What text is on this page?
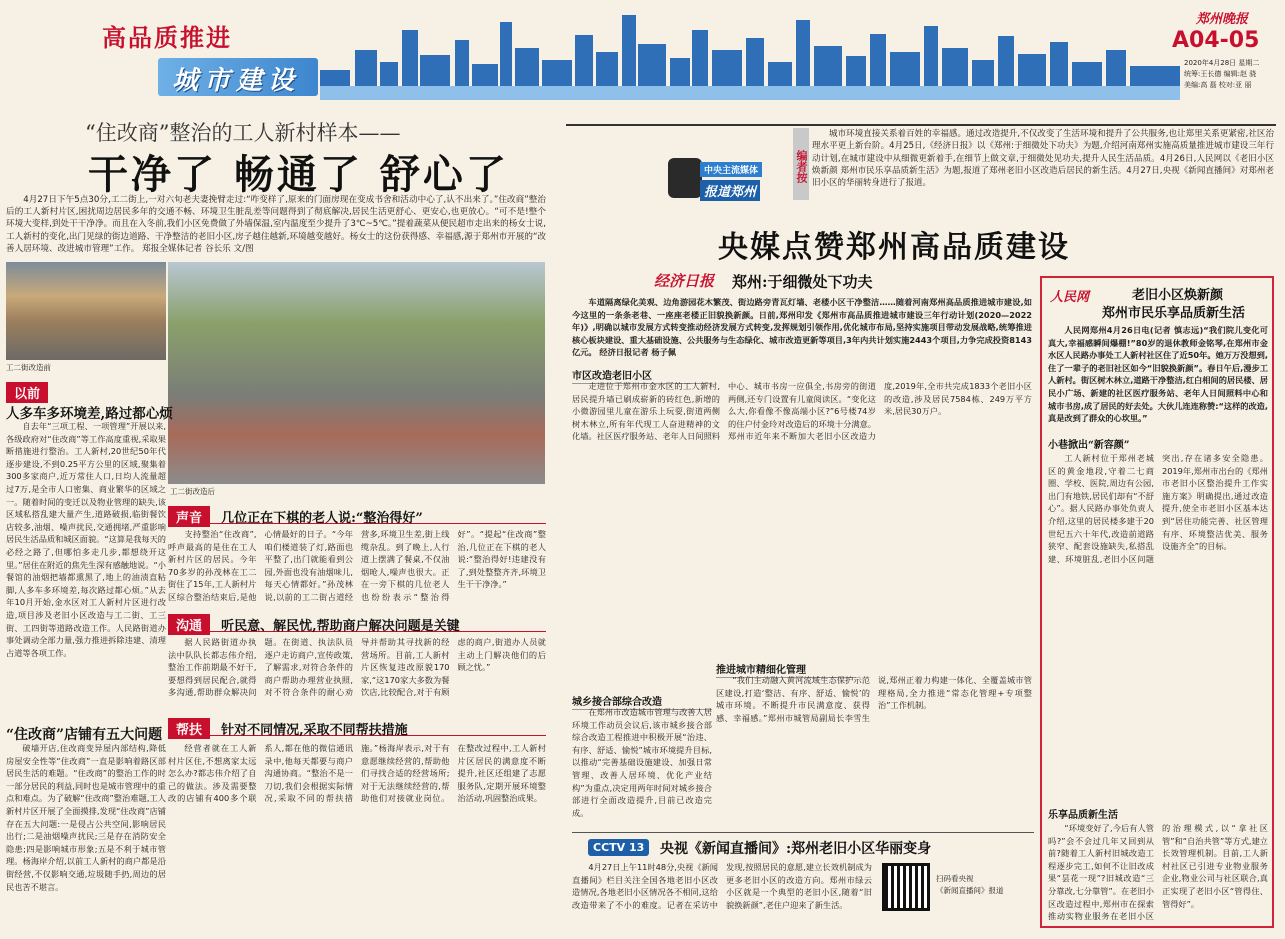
高品质推进
城市建设
郑州晚报
A04-05
2020年4月28日 星期二
统筹:王长德 编辑:赵 骁
美编:高 磊 校对:亚 丽
“住改商”整治的工人新村样本——
干净了 畅通了 舒心了
4月27日下午5点30分,工二街上,一对六旬老夫妻挽臂走过:“咋变样了,原来的门面房现在变成书舍和活动中心了,认不出来了。”住改商”整治后的工人新村片区,困扰周边居民多年的交通不畅、环境卫生脏乱差等问题得到了彻底解决,居民生活更舒心、更安心,也更放心。“可不是!整个环境大变样,到处干干净净。而且在入冬前,我们小区免费做了外墙保温,室内温度至少提升了3℃~5℃。”提着蔬菜从便民超市走出来的杨女士说,工人新村的变化,出门见绿的街边道路、干净整洁的老旧小区,房子越住越新,环境越变越好。杨女士的这份获得感、幸福感,源于郑州市开展的“改善人居环境、改进城市管理”工作。 郑报全媒体记者 谷长乐 文/图
工二街改造前
工二街改造后
以前
人多车多环境差,路过都心烦
自去年“三项工程、一项管理”开展以来,各级政府对“住改商”等工作高度重视,采取果断措施进行整治。工人新村,20世纪50年代逐步建设,不到0.25平方公里的区域,聚集着300多家商户,近万常住人口,日均人流量超过7万,是全市人口密集、商业繁华的区域之一。随着时间的变迁以及物业管理的缺失,该区域私搭乱建大量产生,道路破损,临街餐饮店较多,油烟、噪声扰民,交通拥堵,严重影响居民生活品质和城区面貌。“这算是我每天的必经之路了,但哪怕多走几步,都想绕开这里。”居住在附近的焦先生深有感触地说。“小餐馆的油烟把墙都熏黑了,地上的油渍直粘脚,人多车多环境差,每次路过都心烦。”从去年10月开始,金水区对工人新村片区进行改造,项目涉及老旧小区改造与工二街、工三街、工四街等道路改造工作。人民路街道办事处调动全部力量,强力推进拆除违建、清理占道等各项工作。
“住改商”店铺有五大问题
破墙开店,住改商变异屋内部结构,降低房屋安全性等“住改商”一直是影响着路区部居民生活的难题。“住改商”的整治工作的时一部分居民的利益,同时也是城市管理中的重点和难点。为了破解“住改商”整治难题,工人新村片区开展了全面摸排,发现“住改商”店铺存在五大问题:一是侵占公共空间,影响居民出行;二是油烟噪声扰民;三是存在消防安全隐患;四是影响城市形象;五是不利于城市管理。杨海岸介绍,以前工人新村的商户都是沿街经营,不仅影响交通,垃圾随手扔,周边的居民也苦不堪言。
声音 几位正在下棋的老人说:“整治得好”
支持整治“住改商”,呼声最高的是住在工人新村片区的居民。今年70多岁的孙茂林在工二街住了15年,工人新村片区综合整治结束后,是他心情最好的日子。“今年咱们楼道装了灯,路面也平整了,出门就能看到公园,外面也没有油烟味儿,每天心情都好。”孙茂林说,以前的工二街占道经营多,环境卫生差,街上线缆杂乱。到了晚上,人行道上摆满了餐桌,不仅油烟呛人,噪声也很大。正在一旁下棋的几位老人也纷纷表示“整治得好”。“提起“住改商”整治,几位正在下棋的老人说:“整治得好!违建没有了,到处整整齐齐,环境卫生干干净净。”
沟通 听民意、解民忧,帮助商户解决问题是关键
据人民路街道办执法中队队长都志伟介绍,整治工作前期最不好干,要想得到居民配合,就得多沟通,帮助群众解决问题。在街道、执法队员逐户走访商户,宣传政策,了解需求,对符合条件的商户帮助办理营业执照,对不符合条件的耐心劝导并帮助其寻找新的经营场所。目前,工人新村片区恢复违改原貌170家,“这170家大多数为餐饮店,比较配合,对于有顾虑的商户,街道办人员就主动上门解决他们的后顾之忧。”
帮扶 针对不同情况,采取不同帮扶措施
经营者就在工人新村片区住,不想离家太远怎么办?都志伟介绍了自己的做法。涉及需要整改的店铺有400多个联系人,都在他的微信通讯录中,他每天都要与商户沟通协商。“整治不是一刀切,我们会根据实际情况,采取不同的帮扶措施。”杨海岸表示,对于有意愿继续经营的,帮助他们寻找合适的经营场所;对于无法继续经营的,帮助他们对接就业岗位。在整改过程中,工人新村片区居民的满意度不断提升,社区还组建了志愿服务队,定期开展环境整治活动,巩固整治成果。
中央主流媒体
报道郑州
编者按
城市环境直接关系着百姓的幸福感。通过改造提升,不仅改变了生活环境和提升了公共服务,也让郑里关系更紧密,社区治理水平更上新台阶。4月25日,《经济日报》以《郑州:于细微处下功夫》为题,介绍河南郑州实施高质量推进城市建设三年行动计划,在城市建设中从细微更新着手,在细节上做文章,于细微处见功夫,提升人民生活品质。4月26日,人民网以《老旧小区焕新颜 郑州市民乐享品质新生活》为题,报道了郑州老旧小区改造后居民的新生活。4月27日,央视《新闻直播间》对郑州老旧小区的华丽转身进行了报道。
央媒点赞郑州高品质建设
经济日报 郑州:于细微处下功夫
车道隔离绿化美观、边角游园花木繁茂、街边路旁青瓦灯墙、老楼小区干净整洁……随着河南郑州高品质推进城市建设,如今这里的一条条老巷、一座座老楼正旧貌换新颜。日前,郑州印发《郑州市高品质推进城市建设三年行动计划(2020—2022年)》,明确以城市发展方式转变推动经济发展方式转变,发挥规划引领作用,优化城市布局,坚持实施项目带动发展战略,统筹推进核心板块建设、重大基础设施、公共服务与生态绿化、城市改造更新等项目,3年内共计划实施2443个项目,力争完成投资8143亿元。 经济日报记者 杨子佩
市区改造老旧小区
走进位于郑州市金水区的工人新村,居民提升墙已刷成崭新的砖红色,新增的小微游园里儿童在游乐上玩耍,街道两侧树木林立,所有年代现工人奋进精神的文化墙。社区医疗服务站、老年人日间照料中心、城市书房一应俱全,书房旁的街道两侧,还专门设置有儿童阅读区。“变化这么大,你看像不像高端小区?”6号楼74岁的住户付金玲对改造后的环境十分满意。郑州市近年来不断加大老旧小区改造力度,2019年,全市共完成1833个老旧小区的改造,涉及居民7584栋、249万平方米,居民30万户。
城乡接合部综合改造
在郑州市改造城市管理与改善人居环境工作动员会议后,该市城乡接合部综合改造工程推进中积极开展“治违、有序、舒适、愉悦”城市环境提升目标,以推动“完善基础设施建设、加强日常管理、改善人居环境、优化产业结构”为重点,决定用两年时间对城乡接合部进行全面改造提升,目前已改造完成。
推进城市精细化管理
“我们主动融入黄河流域生态保护示范区建设,打造‘整洁、有序、舒适、愉悦’的城市环境。不断提升市民满意度、获得感、幸福感。”郑州市城管局副局长李雪生说,郑州正着力构建一体化、全覆盖城市管理格局,全力推进“常态化管理+专项整治”工作机制。
人民网	老旧小区焕新颜
郑州市民乐享品质新生活
人民网郑州4月26日电(记者 慎志远)“我们院儿变化可真大,幸福感瞬间爆棚!”80岁的退休教师金铭琴,在郑州市金水区人民路办事处工人新村社区住了近50年。她万万没想到,住了一辈子的老旧社区如今“旧貌换新颜”。春日午后,漫步工人新村。街区树木林立,道路干净整洁,红白相间的居民楼、居民小广场、新建的社区医疗服务站、老年人日间照料中心和城市书房,成了居民的好去处。大伙儿连连称赞:“这样的改造,真是改到了群众的心坎里。”
小巷掀出“新容颜”
工人新村位于郑州老城区的黄金地段,守着二七商圈、学校、医院,周边有公园,出门有地铁,居民们却有“不舒心”。据人民路办事处负责人介绍,这里的居民楼多建于20世纪五六十年代,改造前道路狭窄、配套设施缺失,私搭乱建、环境脏乱,老旧小区问题突出,存在诸多安全隐患。2019年,郑州市出台的《郑州市老旧小区整治提升工作实施方案》明确提出,通过改造提升,使全市老旧小区基本达到“居住功能完善、社区管理有序、环境整洁优美、服务设施齐全”的目标。
乐享品质新生活
“环境变好了,今后有人管吗?”会不会过几年又回到从前?随着工人新村旧城改造工程逐步完工,如何不让旧改成果“昙花一现”?旧城改造“三分靠改,七分靠管”。在老旧小区改造过程中,郑州市在探索推动实物业服务在老旧小区的治理模式,以“拿社区管”和“自治共管”等方式,建立长效管理机制。目前,工人新村社区已引进专业物业服务企业,物业公司与社区联合,真正实现了老旧小区“管得住、管得好”。
CCTV 13	央视《新闻直播间》:郑州老旧小区华丽变身
4月27日上午11时48分,央视《新闻直播间》栏目关注全国各地老旧小区改造情况,各地老旧小区情况各不相同,这给改造带来了不小的难度。记者在采访中发现,按照居民的意愿,建立长效机制成为更多老旧小区的改造方向。郑州市绿云小区就是一个典型的老旧小区,随着“旧貌换新颜”,老住户迎来了新生活。
扫码看央视
《新闻直播间》报道
